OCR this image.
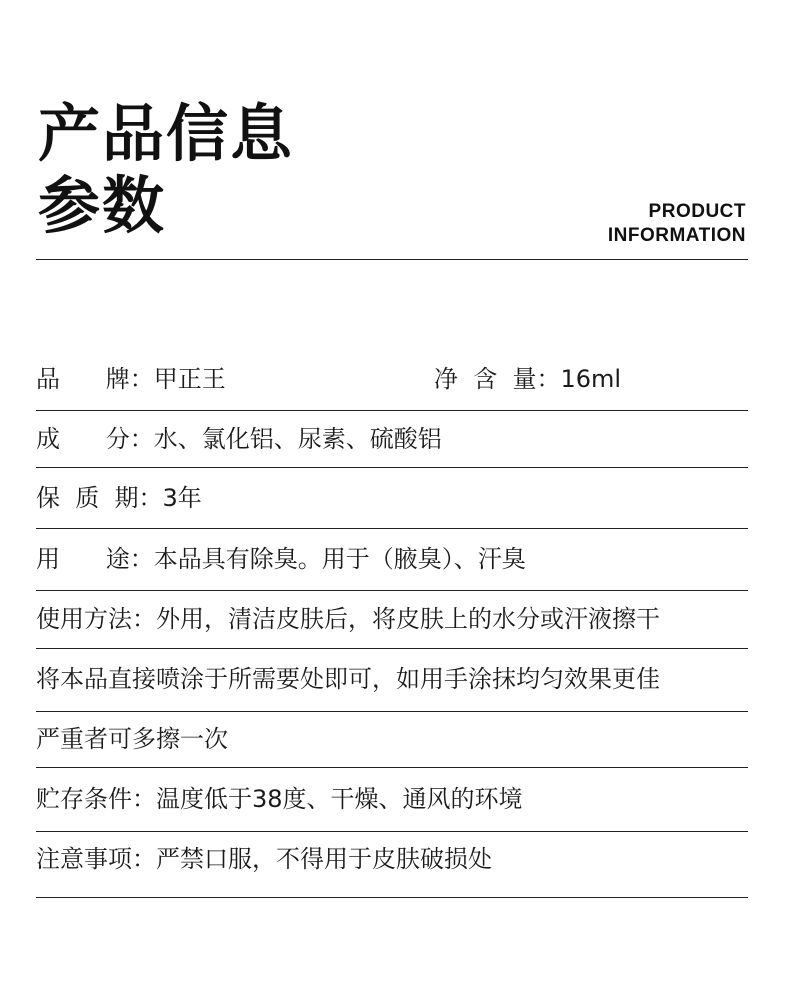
产品信息
参数	PRODUCT
INFORMATION
品      牌：甲正王	净  含  量：16ml
成      分：水、氯化铝、尿素、硫酸铝
保  质  期：3年
用      途：本品具有除臭。用于（腋臭）、汗臭
使用方法：外用，清洁皮肤后，将皮肤上的水分或汗液擦干
将本品直接喷涂于所需要处即可，如用手涂抹均匀效果更佳
严重者可多擦一次
贮存条件：温度低于38度、干燥、通风的环境
注意事项：严禁口服，不得用于皮肤破损处
